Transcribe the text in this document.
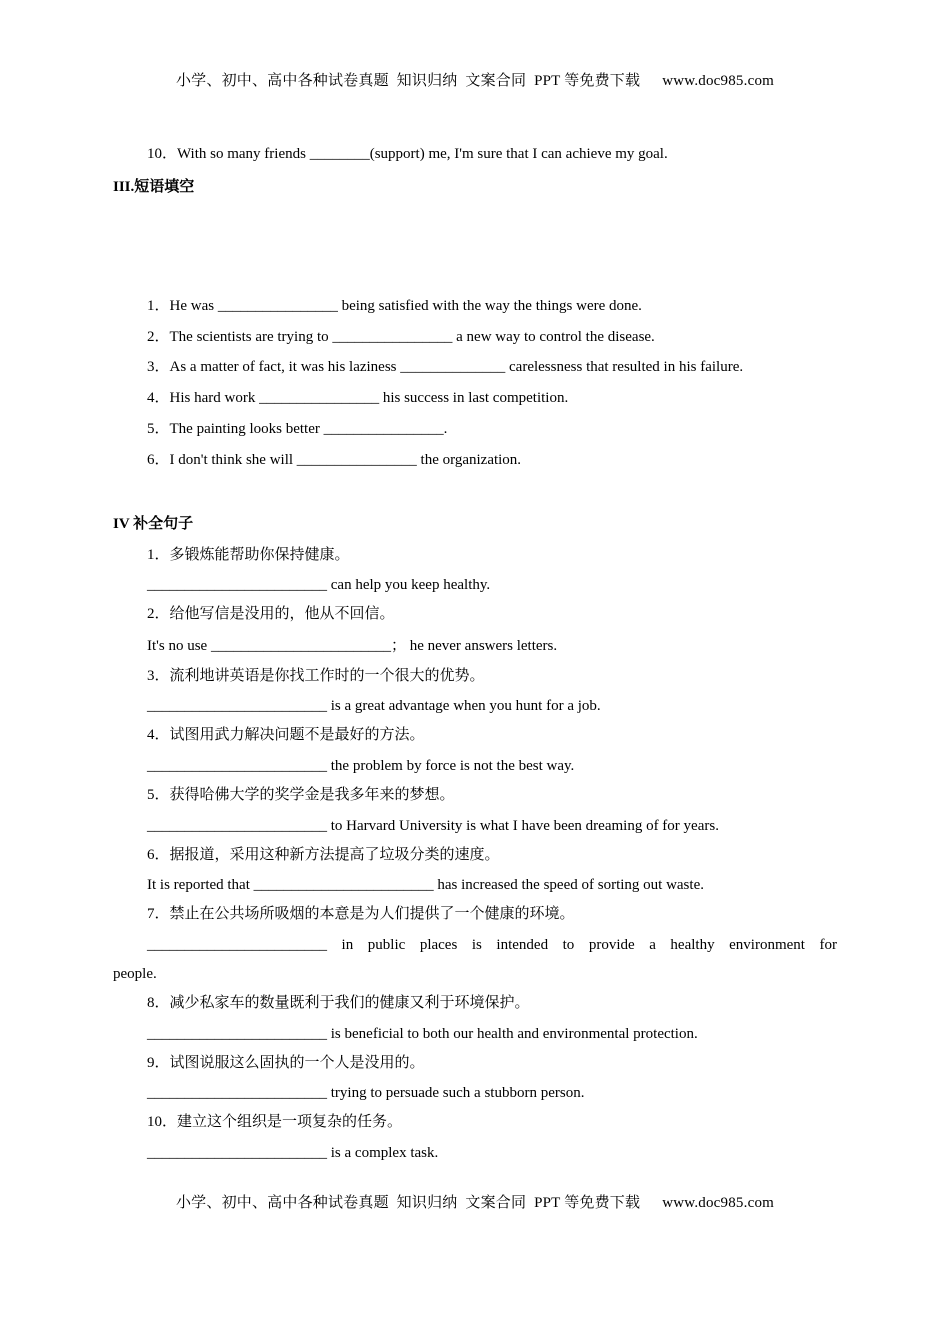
小学、初中、高中各种试卷真题  知识归纳  文案合同  PPT 等免费下载 www.doc985.com
10．With so many friends ________(support) me, I'm sure that I can achieve my goal.
III.短语填空
1．He was ________________ being satisfied with the way the things were done.
2．The scientists are trying to ________________ a new way to control the disease.
3．As a matter of fact, it was his laziness ______________ carelessness that resulted in his failure.
4．His hard work ________________ his success in last competition.
5．The painting looks better ________________.
6．I don't think she will ________________ the organization.
IV 补全句子
1．多锻炼能帮助你保持健康。
________________________ can help you keep healthy.
2．给他写信是没用的，他从不回信。
It's no use ________________________； he never answers letters.
3．流利地讲英语是你找工作时的一个很大的优势。
________________________ is a great advantage when you hunt for a job.
4．试图用武力解决问题不是最好的方法。
________________________ the problem by force is not the best way.
5．获得哈佛大学的奖学金是我多年来的梦想。
________________________ to Harvard University is what I have been dreaming of for years.
6．据报道，采用这种新方法提高了垃圾分类的速度。
It is reported that ________________________ has increased the speed of sorting out waste.
7．禁止在公共场所吸烟的本意是为人们提供了一个健康的环境。
________________________ in public places is intended to provide a healthy environment for
people.
8．减少私家车的数量既利于我们的健康又利于环境保护。
________________________ is beneficial to both our health and environmental protection.
9．试图说服这么固执的一个人是没用的。
________________________ trying to persuade such a stubborn person.
10．建立这个组织是一项复杂的任务。
________________________ is a complex task.
小学、初中、高中各种试卷真题  知识归纳  文案合同  PPT 等免费下载 www.doc985.com
